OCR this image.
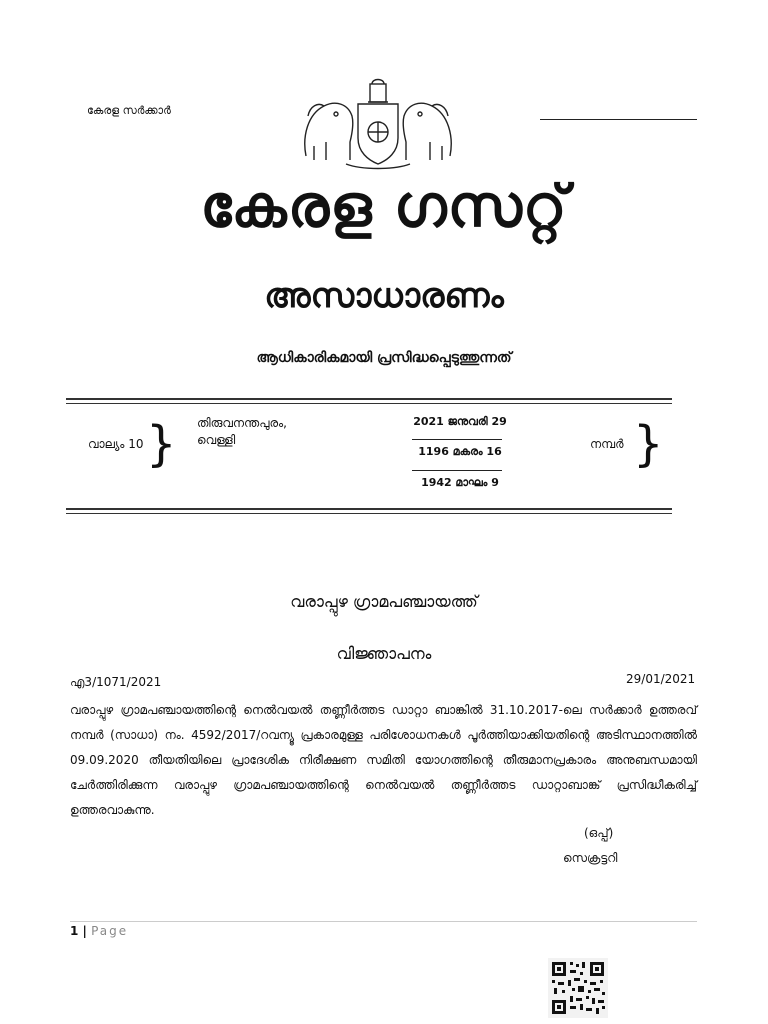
കേരള സർക്കാർ
കേരള ഗസറ്റ്
അസാധാരണം
ആധികാരികമായി പ്രസിദ്ധപ്പെടുത്തുന്നത്
വാല്യം 10 } തിരുവനന്തപുരം,
വെള്ളി
2021 ജനുവരി 29
1196 മകരം 16
1942 മാഘം 9
നമ്പർ }
വരാപ്പുഴ ഗ്രാമപഞ്ചായത്ത്
വിജ്ഞാപനം
എ3/1071/2021	29/01/2021
വരാപ്പുഴ ഗ്രാമപഞ്ചായത്തിന്റെ നെൽവയൽ തണ്ണീർത്തട ഡാറ്റാ ബാങ്കിൽ 31.10.2017-ലെ സർക്കാർ ഉത്തരവ് നമ്പർ (സാധാ) നം. 4592/2017/റവന്യൂ പ്രകാരമുള്ള പരിശോധനകൾ പൂർത്തിയാക്കിയതിന്റെ അടിസ്ഥാനത്തിൽ 09.09.2020 തീയതിയിലെ പ്രാദേശിക നിരീക്ഷണ സമിതി യോഗത്തിന്റെ തീരുമാനപ്രകാരം അനുബന്ധമായി ചേർത്തിരിക്കുന്ന വരാപ്പുഴ ഗ്രാമപഞ്ചായത്തിന്റെ നെൽവയൽ തണ്ണീർത്തട ഡാറ്റാബാങ്ക് പ്രസിദ്ധീകരിച്ച് ഉത്തരവാകുന്നു.
(ഒപ്പ്)
സെക്രട്ടറി
1 | Page
